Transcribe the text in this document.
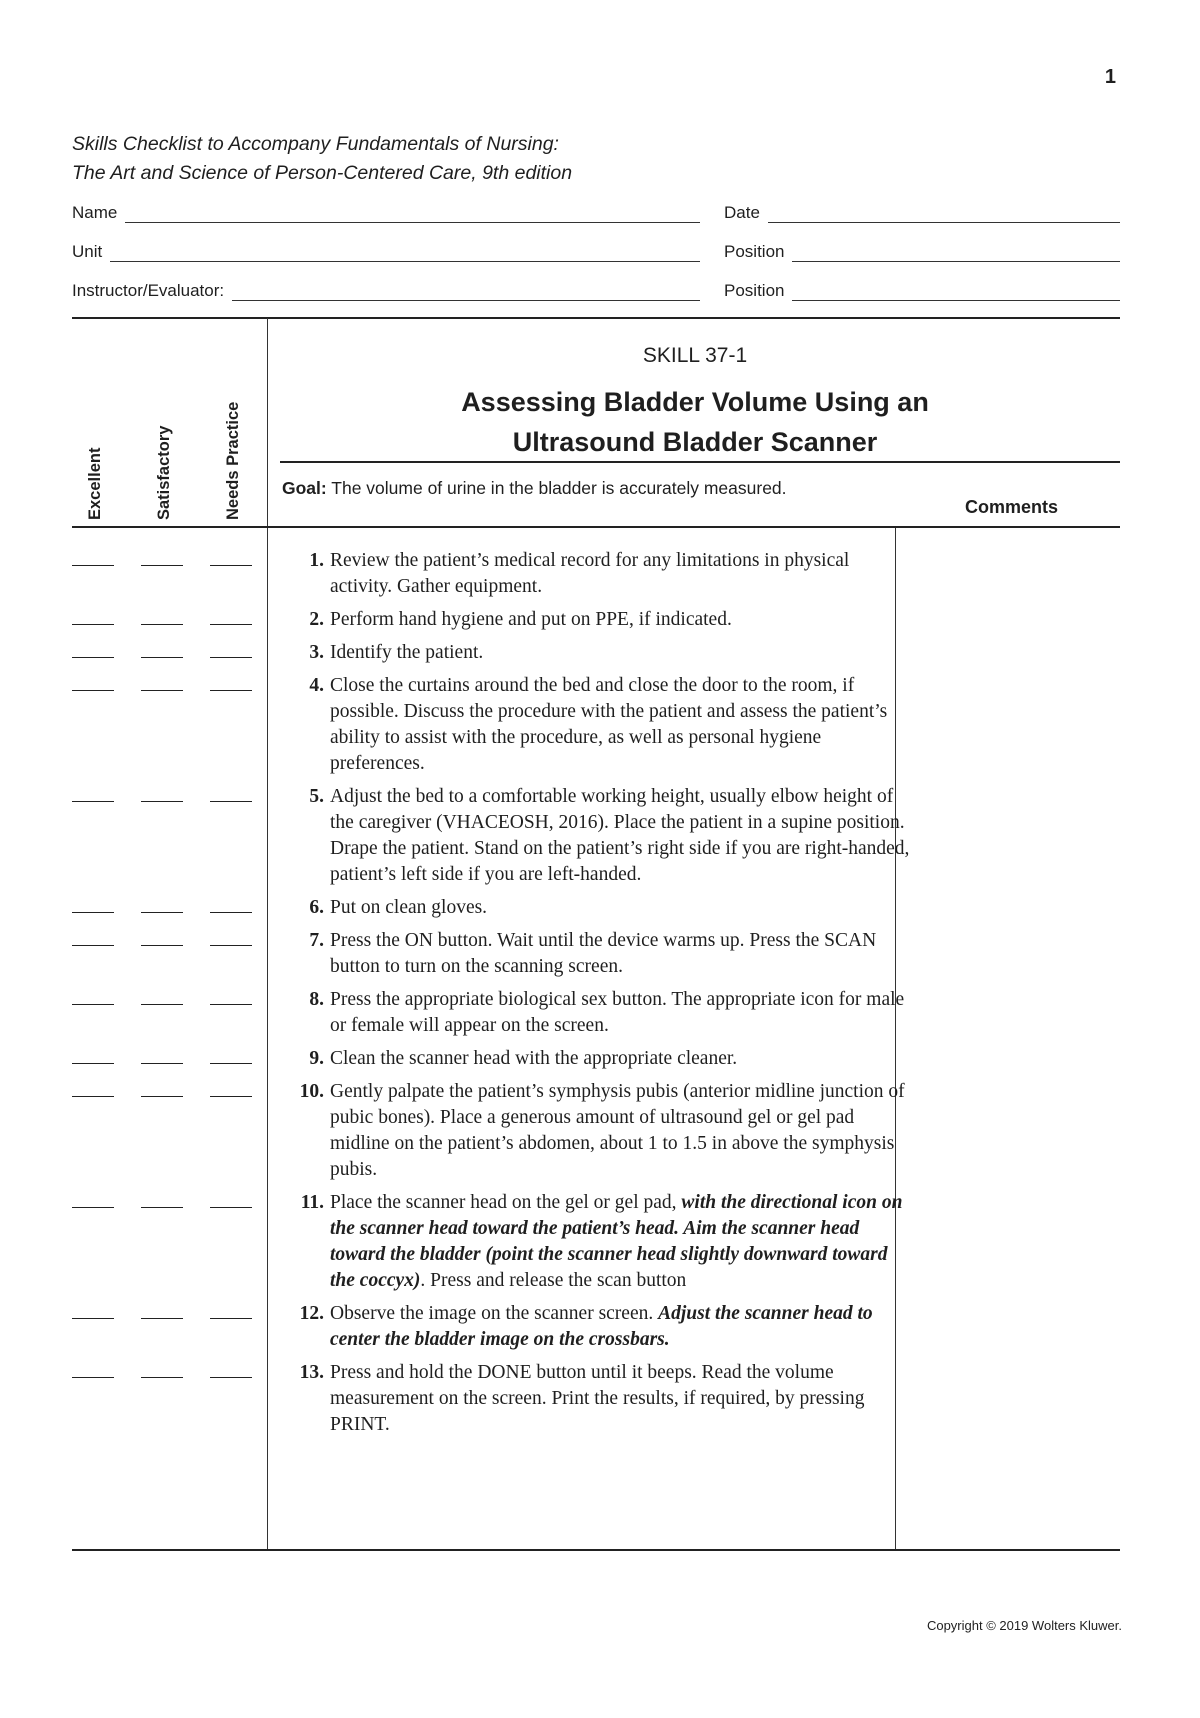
1
Skills Checklist to Accompany Fundamentals of Nursing:
The Art and Science of Person-Centered Care, 9th edition
Name	Date
Unit	Position
Instructor/Evaluator:	Position
Excellent	Satisfactory	Needs Practice
SKILL 37-1
Assessing Bladder Volume Using an
Ultrasound Bladder Scanner
Goal: The volume of urine in the bladder is accurately measured.
Comments
1. Review the patient’s medical record for any limitations in physical activity. Gather equipment.
2. Perform hand hygiene and put on PPE, if indicated.
3. Identify the patient.
4. Close the curtains around the bed and close the door to the room, if possible. Discuss the procedure with the patient and assess the patient’s ability to assist with the procedure, as well as personal hygiene preferences.
5. Adjust the bed to a comfortable working height, usually elbow height of the caregiver (VHACEOSH, 2016). Place the patient in a supine position. Drape the patient. Stand on the patient’s right side if you are right-handed, patient’s left side if you are left-handed.
6. Put on clean gloves.
7. Press the ON button. Wait until the device warms up. Press the SCAN button to turn on the scanning screen.
8. Press the appropriate biological sex button. The appropriate icon for male or female will appear on the screen.
9. Clean the scanner head with the appropriate cleaner.
10. Gently palpate the patient’s symphysis pubis (anterior midline junction of pubic bones). Place a generous amount of ultrasound gel or gel pad midline on the patient’s abdomen, about 1 to 1.5 in above the symphysis pubis.
11. Place the scanner head on the gel or gel pad, with the directional icon on the scanner head toward the patient’s head. Aim the scanner head toward the bladder (point the scanner head slightly downward toward the coccyx). Press and release the scan button
12. Observe the image on the scanner screen. Adjust the scanner head to center the bladder image on the crossbars.
13. Press and hold the DONE button until it beeps. Read the volume measurement on the screen. Print the results, if required, by pressing PRINT.
Copyright © 2019 Wolters Kluwer.
